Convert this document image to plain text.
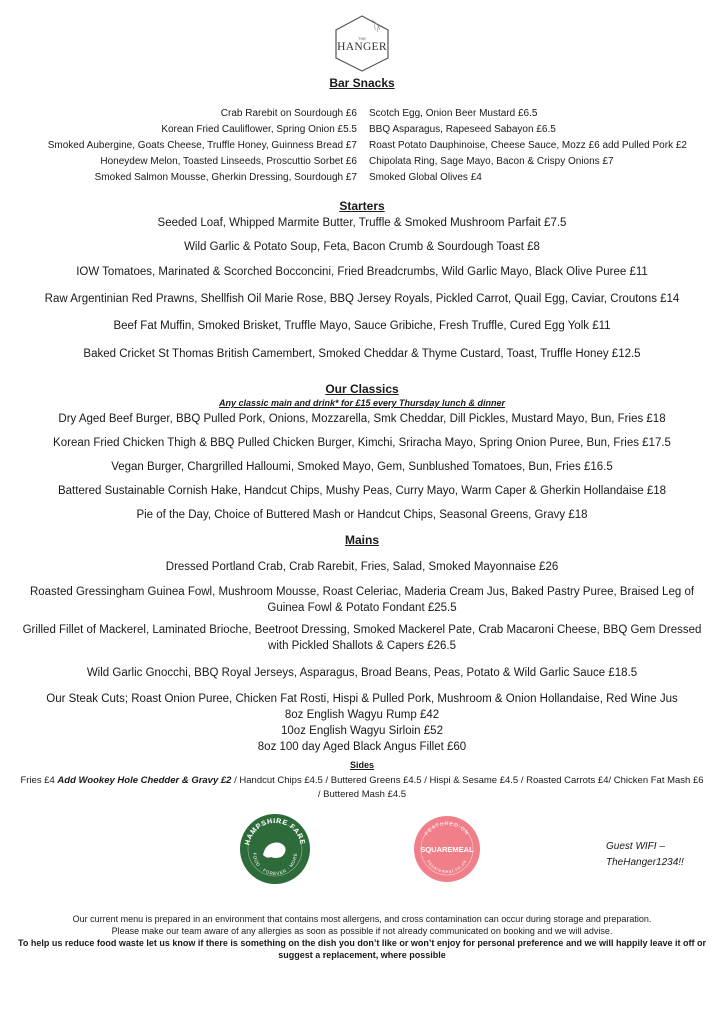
THE
HANGER
Bar Snacks
Crab Rarebit on Sourdough £6
Korean Fried Cauliflower, Spring Onion £5.5
Smoked Aubergine, Goats Cheese, Truffle Honey, Guinness Bread £7
Honeydew Melon, Toasted Linseeds, Proscuttio Sorbet £6
Smoked Salmon Mousse, Gherkin Dressing, Sourdough £7
Scotch Egg, Onion Beer Mustard £6.5
BBQ Asparagus, Rapeseed Sabayon £6.5
Roast Potato Dauphinoise, Cheese Sauce, Mozz £6 add Pulled Pork £2
Chipolata Ring, Sage Mayo, Bacon & Crispy Onions £7
Smoked Global Olives £4
Starters
Seeded Loaf, Whipped Marmite Butter, Truffle & Smoked Mushroom Parfait £7.5
Wild Garlic & Potato Soup, Feta, Bacon Crumb & Sourdough Toast £8
IOW Tomatoes, Marinated & Scorched Bocconcini, Fried Breadcrumbs, Wild Garlic Mayo, Black Olive Puree £11
Raw Argentinian Red Prawns, Shellfish Oil Marie Rose, BBQ Jersey Royals, Pickled Carrot, Quail Egg, Caviar, Croutons £14
Beef Fat Muffin, Smoked Brisket, Truffle Mayo, Sauce Gribiche, Fresh Truffle, Cured Egg Yolk £11
Baked Cricket St Thomas British Camembert, Smoked Cheddar & Thyme Custard, Toast, Truffle Honey £12.5
Our Classics
Any classic main and drink* for £15 every Thursday lunch & dinner
Dry Aged Beef Burger, BBQ Pulled Pork, Onions, Mozzarella, Smk Cheddar, Dill Pickles, Mustard Mayo, Bun, Fries £18
Korean Fried Chicken Thigh & BBQ Pulled Chicken Burger, Kimchi, Sriracha Mayo, Spring Onion Puree, Bun, Fries £17.5
Vegan Burger, Chargrilled Halloumi, Smoked Mayo, Gem, Sunblushed Tomatoes, Bun, Fries £16.5
Battered Sustainable Cornish Hake, Handcut Chips, Mushy Peas, Curry Mayo, Warm Caper & Gherkin Hollandaise £18
Pie of the Day, Choice of Buttered Mash or Handcut Chips, Seasonal Greens, Gravy £18
Mains
Dressed Portland Crab, Crab Rarebit, Fries, Salad, Smoked Mayonnaise £26
Roasted Gressingham Guinea Fowl, Mushroom Mousse, Roast Celeriac, Maderia Cream Jus, Baked Pastry Puree, Braised Leg of Guinea Fowl & Potato Fondant £25.5
Grilled Fillet of Mackerel, Laminated Brioche, Beetroot Dressing, Smoked Mackerel Pate, Crab Macaroni Cheese, BBQ Gem Dressed with Pickled Shallots & Capers £26.5
Wild Garlic Gnocchi, BBQ Royal Jerseys, Asparagus, Broad Beans, Peas, Potato & Wild Garlic Sauce £18.5
Our Steak Cuts; Roast Onion Puree, Chicken Fat Rosti, Hispi & Pulled Pork, Mushroom & Onion Hollandaise, Red Wine Jus
8oz English Wagyu Rump £42
10oz English Wagyu Sirloin £52
8oz 100 day Aged Black Angus Fillet £60
Sides
Fries £4 Add Wookey Hole Chedder & Gravy £2 / Handcut Chips £4.5 / Buttered Greens £4.5 / Hispi & Sesame £4.5 / Roasted Carrots £4/ Chicken Fat Mash £6 / Buttered Mash £4.5
HAMPSHIRE FARE
FOOD · FOREVER · MORE
FEATURED ON
SQUAREMEAL
squaremeal.co.uk
Guest WIFI –
TheHanger1234!!
Our current menu is prepared in an environment that contains most allergens, and cross contamination can occur during storage and preparation.
Please make our team aware of any allergies as soon as possible if not already communicated on booking and we will advise.
To help us reduce food waste let us know if there is something on the dish you don’t like or won’t enjoy for personal preference and we will happily leave it off or suggest a replacement, where possible
